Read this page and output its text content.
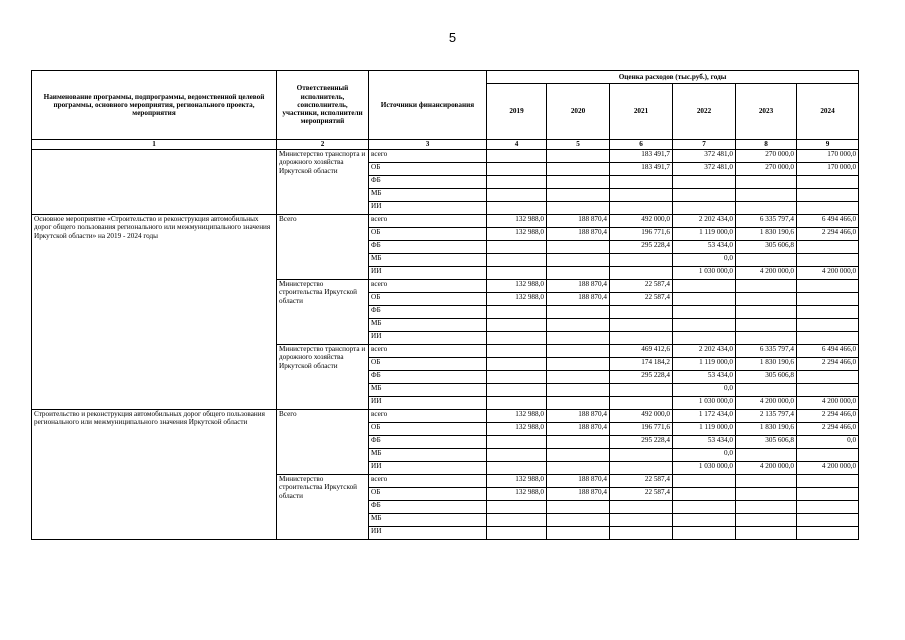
5
Наименование программы, подпрограммы, ведомственной целевой программы, основного мероприятия, регионального проекта, мероприятия	Ответственный исполнитель, соисполнитель, участники, исполнители мероприятий	Источники финансирования	Оценка расходов (тыс.руб.), годы					
			2019	2020	2021	2022	2023	2024
1	2	3	4	5	6	7	8	9
	Министерство транспорта и дорожного хозяйства Иркутской области	всего			183 491,7	372 481,0	270 000,0	170 000,0
		ОБ			183 491,7	372 481,0	270 000,0	170 000,0
		ФБ						
		МБ						
		ИИ						
Основное мероприятие «Строительство и реконструкция автомобильных дорог общего пользования регионального или межмуниципального значения Иркутской области» на 2019 - 2024 годы	Всего	всего	132 988,0	188 870,4	492 000,0	2 202 434,0	6 335 797,4	6 494 466,0
		ОБ	132 988,0	188 870,4	196 771,6	1 119 000,0	1 830 190,6	2 294 466,0
		ФБ			295 228,4	53 434,0	305 606,8	
		МБ				0,0		
		ИИ				1 030 000,0	4 200 000,0	4 200 000,0
	Министерство строительства Иркутской области	всего	132 988,0	188 870,4	22 587,4			
		ОБ	132 988,0	188 870,4	22 587,4			
		ФБ						
		МБ						
		ИИ						
	Министерство транспорта и дорожного хозяйства Иркутской области	всего			469 412,6	2 202 434,0	6 335 797,4	6 494 466,0
		ОБ			174 184,2	1 119 000,0	1 830 190,6	2 294 466,0
		ФБ			295 228,4	53 434,0	305 606,8	
		МБ				0,0		
		ИИ				1 030 000,0	4 200 000,0	4 200 000,0
Строительство и реконструкция автомобильных дорог общего пользования регионального или межмуниципального значения Иркутской области	Всего	всего	132 988,0	188 870,4	492 000,0	1 172 434,0	2 135 797,4	2 294 466,0
		ОБ	132 988,0	188 870,4	196 771,6	1 119 000,0	1 830 190,6	2 294 466,0
		ФБ			295 228,4	53 434,0	305 606,8	0,0
		МБ				0,0		
		ИИ				1 030 000,0	4 200 000,0	4 200 000,0
	Министерство строительства Иркутской области	всего	132 988,0	188 870,4	22 587,4			
		ОБ	132 988,0	188 870,4	22 587,4			
		ФБ						
		МБ						
		ИИ						
